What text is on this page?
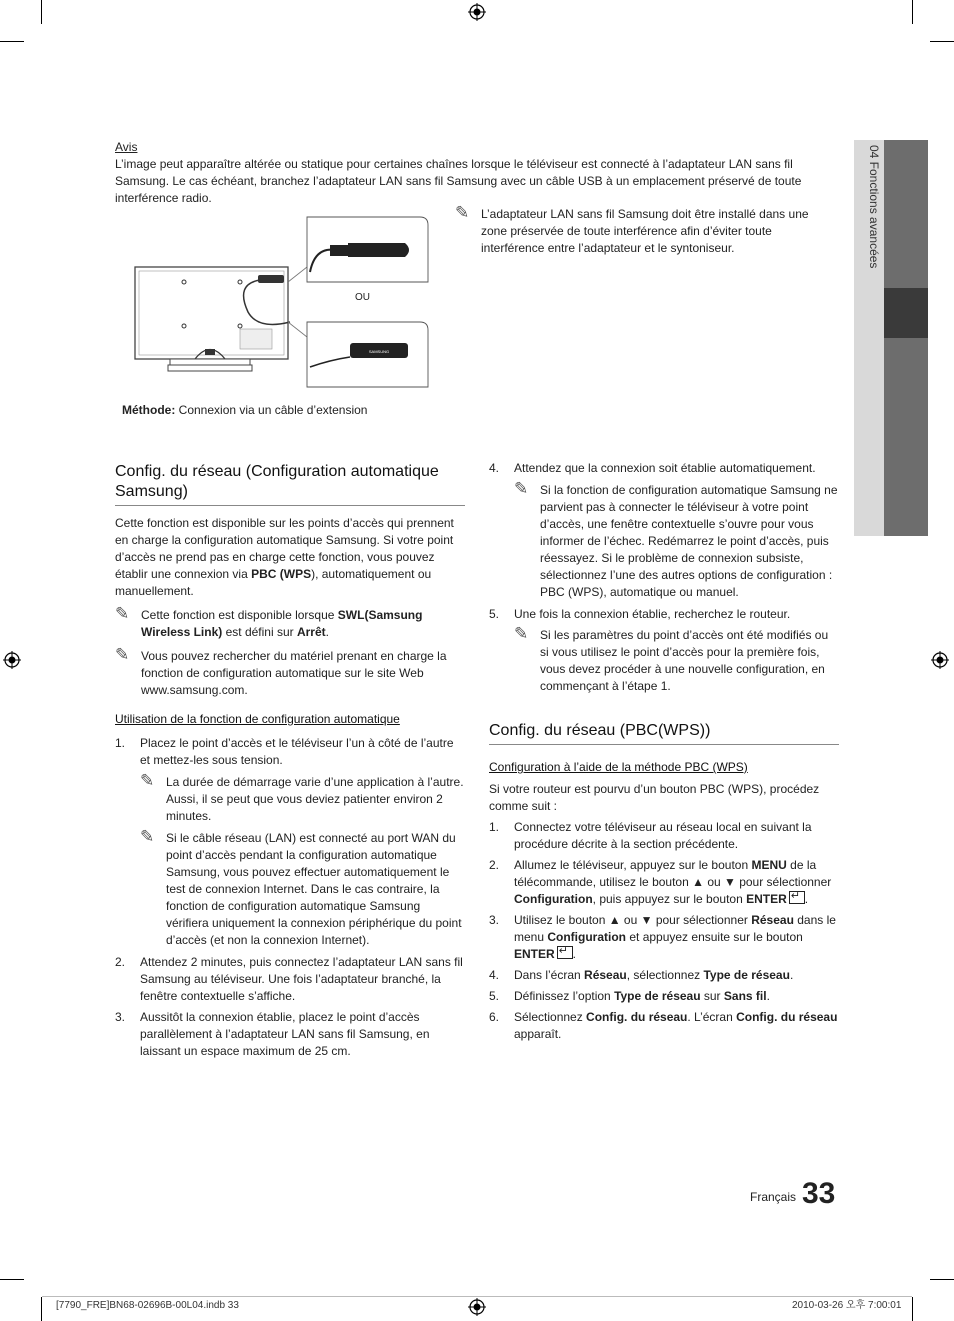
04 Fonctions avancées

Avis

L’image peut apparaître altérée ou statique pour certaines chaînes lorsque le téléviseur est connecté à l’adaptateur LAN sans fil Samsung. Le cas échéant, branchez l’adaptateur LAN sans fil Samsung avec un câble USB à un emplacement préservé de toute interférence radio.

SAMSUNG
OU
Méthode: Connexion via un câble d’extension

✎ L’adaptateur LAN sans fil Samsung doit être installé dans une zone préservée de toute interférence afin d’éviter toute interférence entre l’adaptateur et le syntoniseur.

Config. du réseau (Configuration automatique Samsung)

Cette fonction est disponible sur les points d’accès qui prennent en charge la configuration automatique Samsung. Si votre point d’accès ne prend pas en charge cette fonction, vous pouvez établir une connexion via PBC (WPS), automatiquement ou manuellement.

✎ Cette fonction est disponible lorsque SWL(Samsung Wireless Link) est défini sur Arrêt.

✎ Vous pouvez rechercher du matériel prenant en charge la fonction de configuration automatique sur le site Web www.samsung.com.

Utilisation de la fonction de configuration automatique

1. Placez le point d’accès et le téléviseur l’un à côté de l’autre et mettez-les sous tension.

✎ La durée de démarrage varie d’une application à l’autre. Aussi, il se peut que vous deviez patienter environ 2 minutes.

✎ Si le câble réseau (LAN) est connecté au port WAN du point d’accès pendant la configuration automatique Samsung, vous pouvez effectuer automatiquement le test de connexion Internet. Dans le cas contraire, la fonction de configuration automatique Samsung vérifiera uniquement la connexion périphérique du point d’accès (et non la connexion Internet).

2. Attendez 2 minutes, puis connectez l’adaptateur LAN sans fil Samsung au téléviseur. Une fois l’adaptateur branché, la fenêtre contextuelle s’affiche.

3. Aussitôt la connexion établie, placez le point d’accès parallèlement à l’adaptateur LAN sans fil Samsung, en laissant un espace maximum de 25 cm.

4. Attendez que la connexion soit établie automatiquement.

✎ Si la fonction de configuration automatique Samsung ne parvient pas à connecter le téléviseur à votre point d’accès, une fenêtre contextuelle s’ouvre pour vous informer de l’échec. Redémarrez le point d’accès, puis réessayez. Si le problème de connexion subsiste, sélectionnez l’une des autres options de configuration : PBC (WPS), automatique ou manuel.

5. Une fois la connexion établie, recherchez le routeur.

✎ Si les paramètres du point d’accès ont été modifiés ou si vous utilisez le point d’accès pour la première fois, vous devez procéder à une nouvelle configuration, en commençant à l’étape 1.

Config. du réseau (PBC(WPS))

Configuration à l’aide de la méthode PBC (WPS)

Si votre routeur est pourvu d’un bouton PBC (WPS), procédez comme suit :

1. Connectez votre téléviseur au réseau local en suivant la procédure décrite à la section précédente.

2. Allumez le téléviseur, appuyez sur le bouton MENU de la télécommande, utilisez le bouton ▲ ou ▼ pour sélectionner Configuration, puis appuyez sur le bouton ENTER ↵ .

3. Utilisez le bouton ▲ ou ▼ pour sélectionner Réseau dans le menu Configuration et appuyez ensuite sur le bouton ENTER ↵ .

4. Dans l’écran Réseau, sélectionnez Type de réseau.

5. Définissez l’option Type de réseau sur Sans fil.

6. Sélectionnez Config. du réseau. L’écran Config. du réseau apparaît.

Français 33
[7790_FRE]BN68-02696B-00L04.indb 33	2010-03-26 오후 7:00:01
